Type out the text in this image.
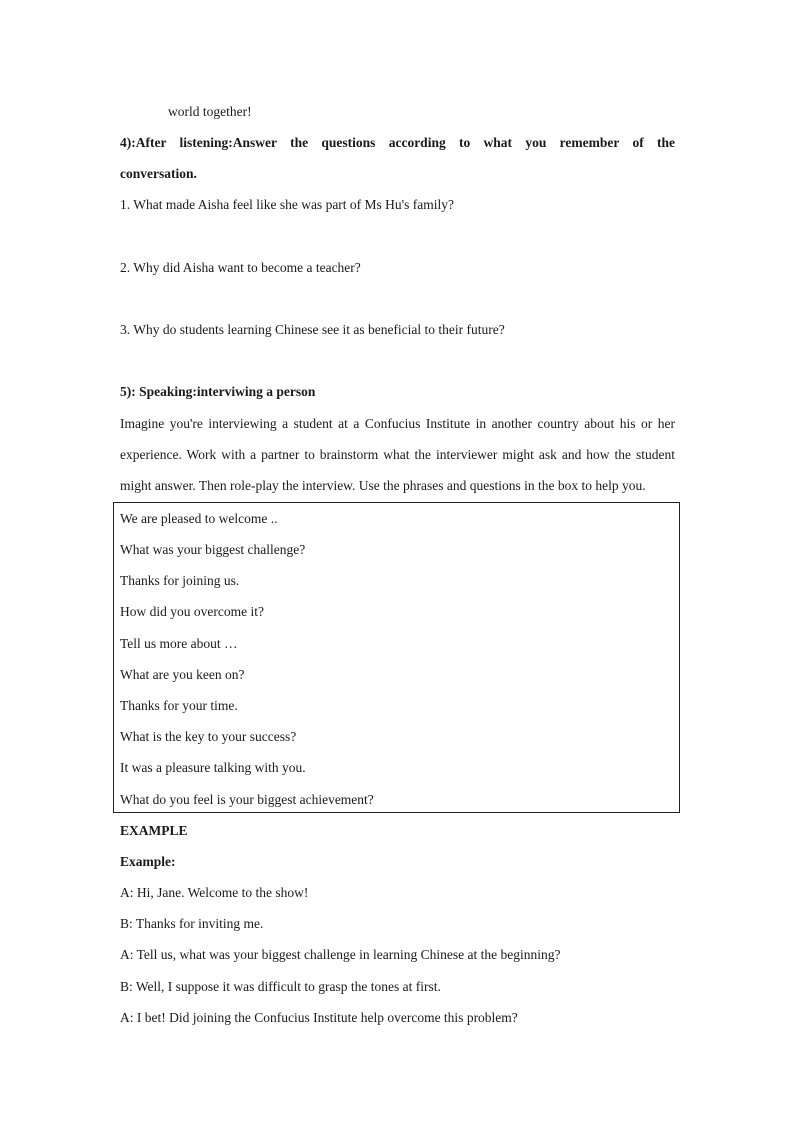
world together!
4):After listening:Answer the questions according to what you remember of the
conversation.
1. What made Aisha feel like she was part of Ms Hu's family?
2. Why did Aisha want to become a teacher?
3. Why do students learning Chinese see it as beneficial to their future?
5): Speaking:interviwing a person
Imagine you're interviewing a student at a Confucius Institute in another country about his or her
experience. Work with a partner to brainstorm what the interviewer might ask and how the student
might answer. Then role-play the interview. Use the phrases and questions in the box to help you.
We are pleased to welcome ..
What was your biggest challenge?
Thanks for joining us.
How did you overcome it?
Tell us more about …
What are you keen on?
Thanks for your time.
What is the key to your success?
It was a pleasure talking with you.
What do you feel is your biggest achievement?
EXAMPLE
Example:
A: Hi, Jane. Welcome to the show!
B: Thanks for inviting me.
A: Tell us, what was your biggest challenge in learning Chinese at the beginning?
B: Well, I suppose it was difficult to grasp the tones at first.
A: I bet! Did joining the Confucius Institute help overcome this problem?
